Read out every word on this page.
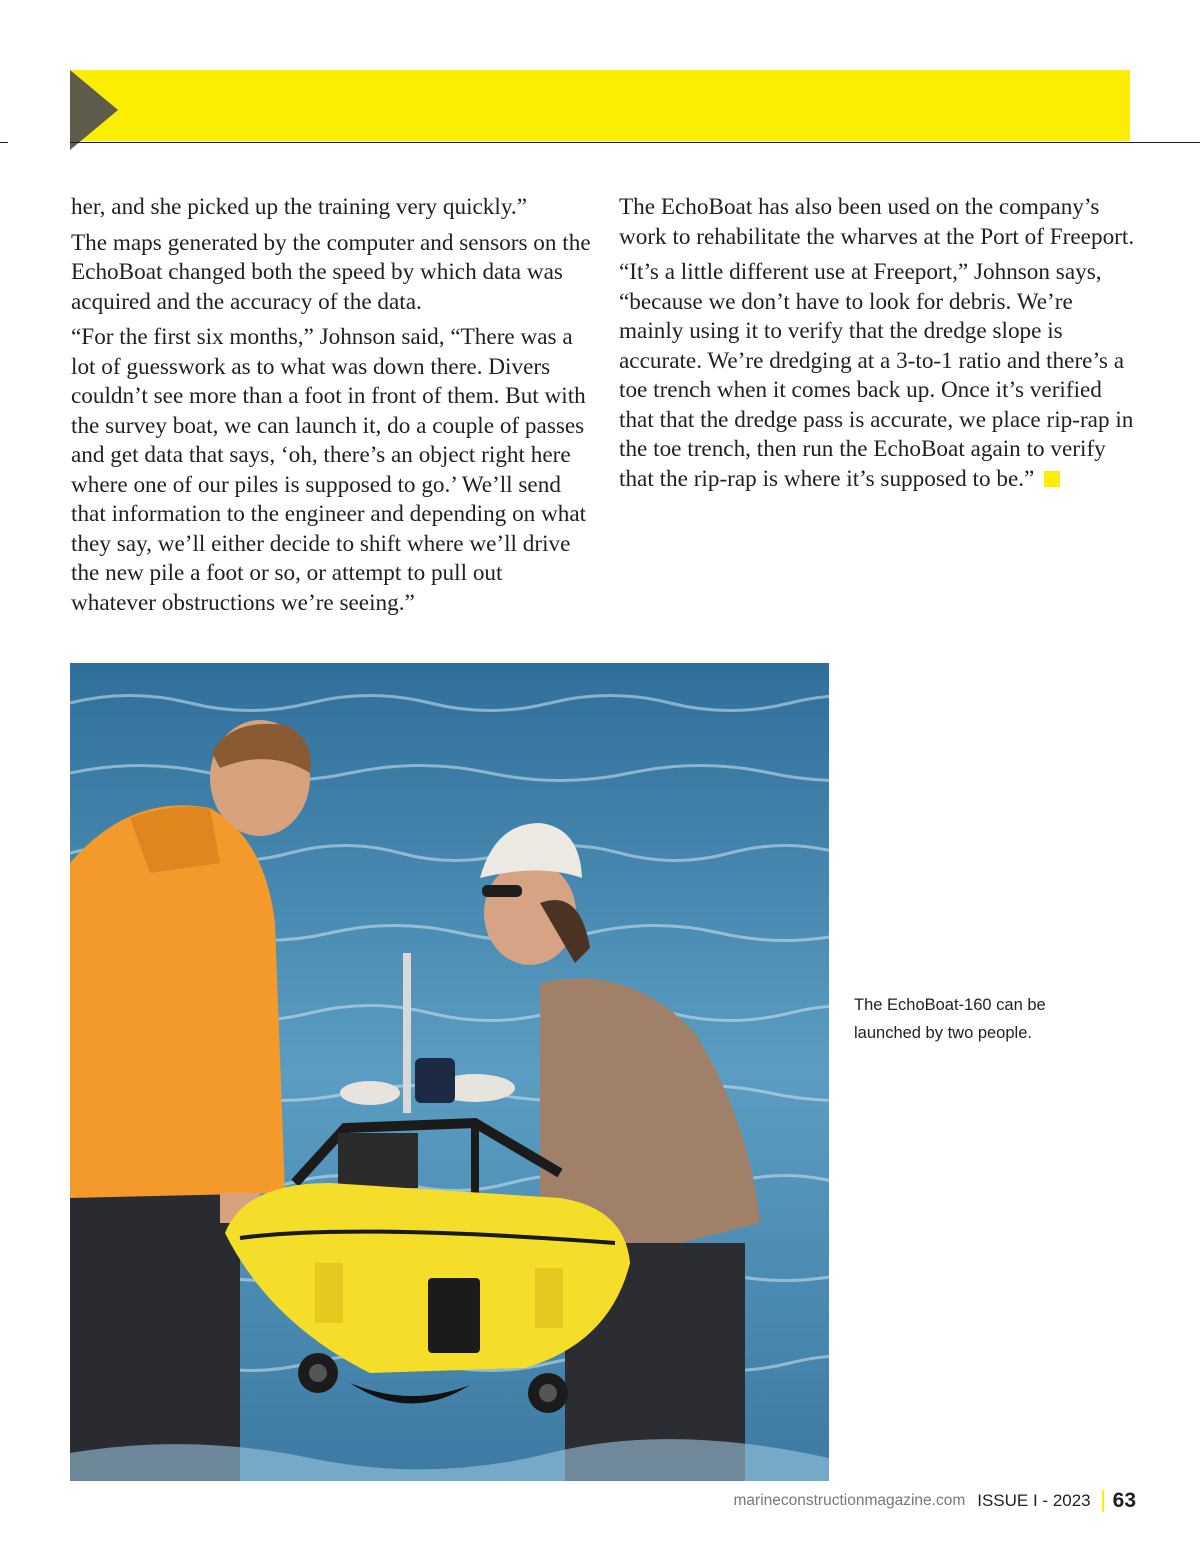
her, and she picked up the training very quickly.”

The maps generated by the computer and sensors on the EchoBoat changed both the speed by which data was acquired and the accuracy of the data.

“For the first six months,” Johnson said, “There was a lot of guesswork as to what was down there. Divers couldn’t see more than a foot in front of them. But with the survey boat, we can launch it, do a couple of passes and get data that says, ‘oh, there’s an object right here where one of our piles is supposed to go.’ We’ll send that information to the engineer and depending on what they say, we’ll either decide to shift where we’ll drive the new pile a foot or so, or attempt to pull out whatever obstructions we’re seeing.”

The EchoBoat has also been used on the company’s work to rehabilitate the wharves at the Port of Freeport.

“It’s a little different use at Freeport,” Johnson says, “because we don’t have to look for debris. We’re mainly using it to verify that the dredge slope is accurate. We’re dredging at a 3-to-1 ratio and there’s a toe trench when it comes back up. Once it’s verified that that the dredge pass is accurate, we place rip-rap in the toe trench, then run the EchoBoat again to verify that the rip-rap is where it’s supposed to be.”

The EchoBoat-160 can be launched by two people.
marineconstructionmagazine.com ISSUE I - 2023 63
